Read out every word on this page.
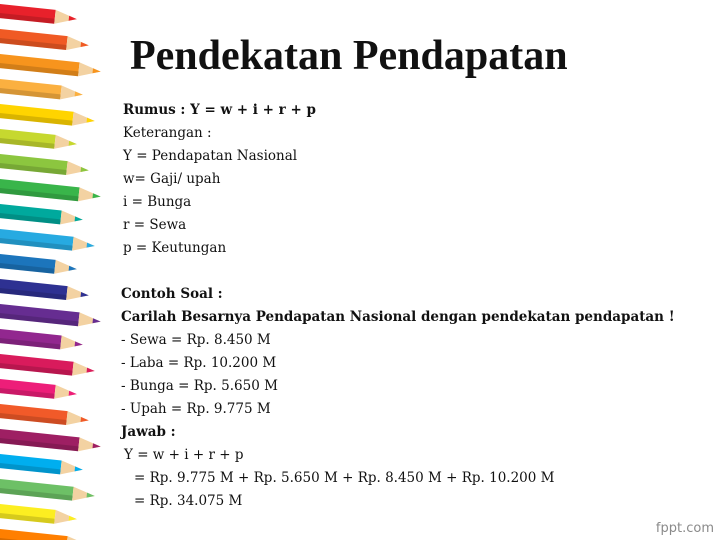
Pendekatan Pendapatan
Rumus : Y = w + i + r + p
Keterangan :
Y = Pendapatan Nasional
w= Gaji/ upah
i = Bunga
r = Sewa
p = Keutungan
Contoh Soal :
Carilah Besarnya Pendapatan Nasional dengan pendekatan pendapatan !
- Sewa = Rp. 8.450 M
- Laba = Rp. 10.200 M
- Bunga = Rp. 5.650 M
- Upah = Rp. 9.775 M
Jawab :
Y = w + i + r + p
= Rp. 9.775 M + Rp. 5.650 M + Rp. 8.450 M + Rp. 10.200 M
= Rp. 34.075 M
fppt.com
